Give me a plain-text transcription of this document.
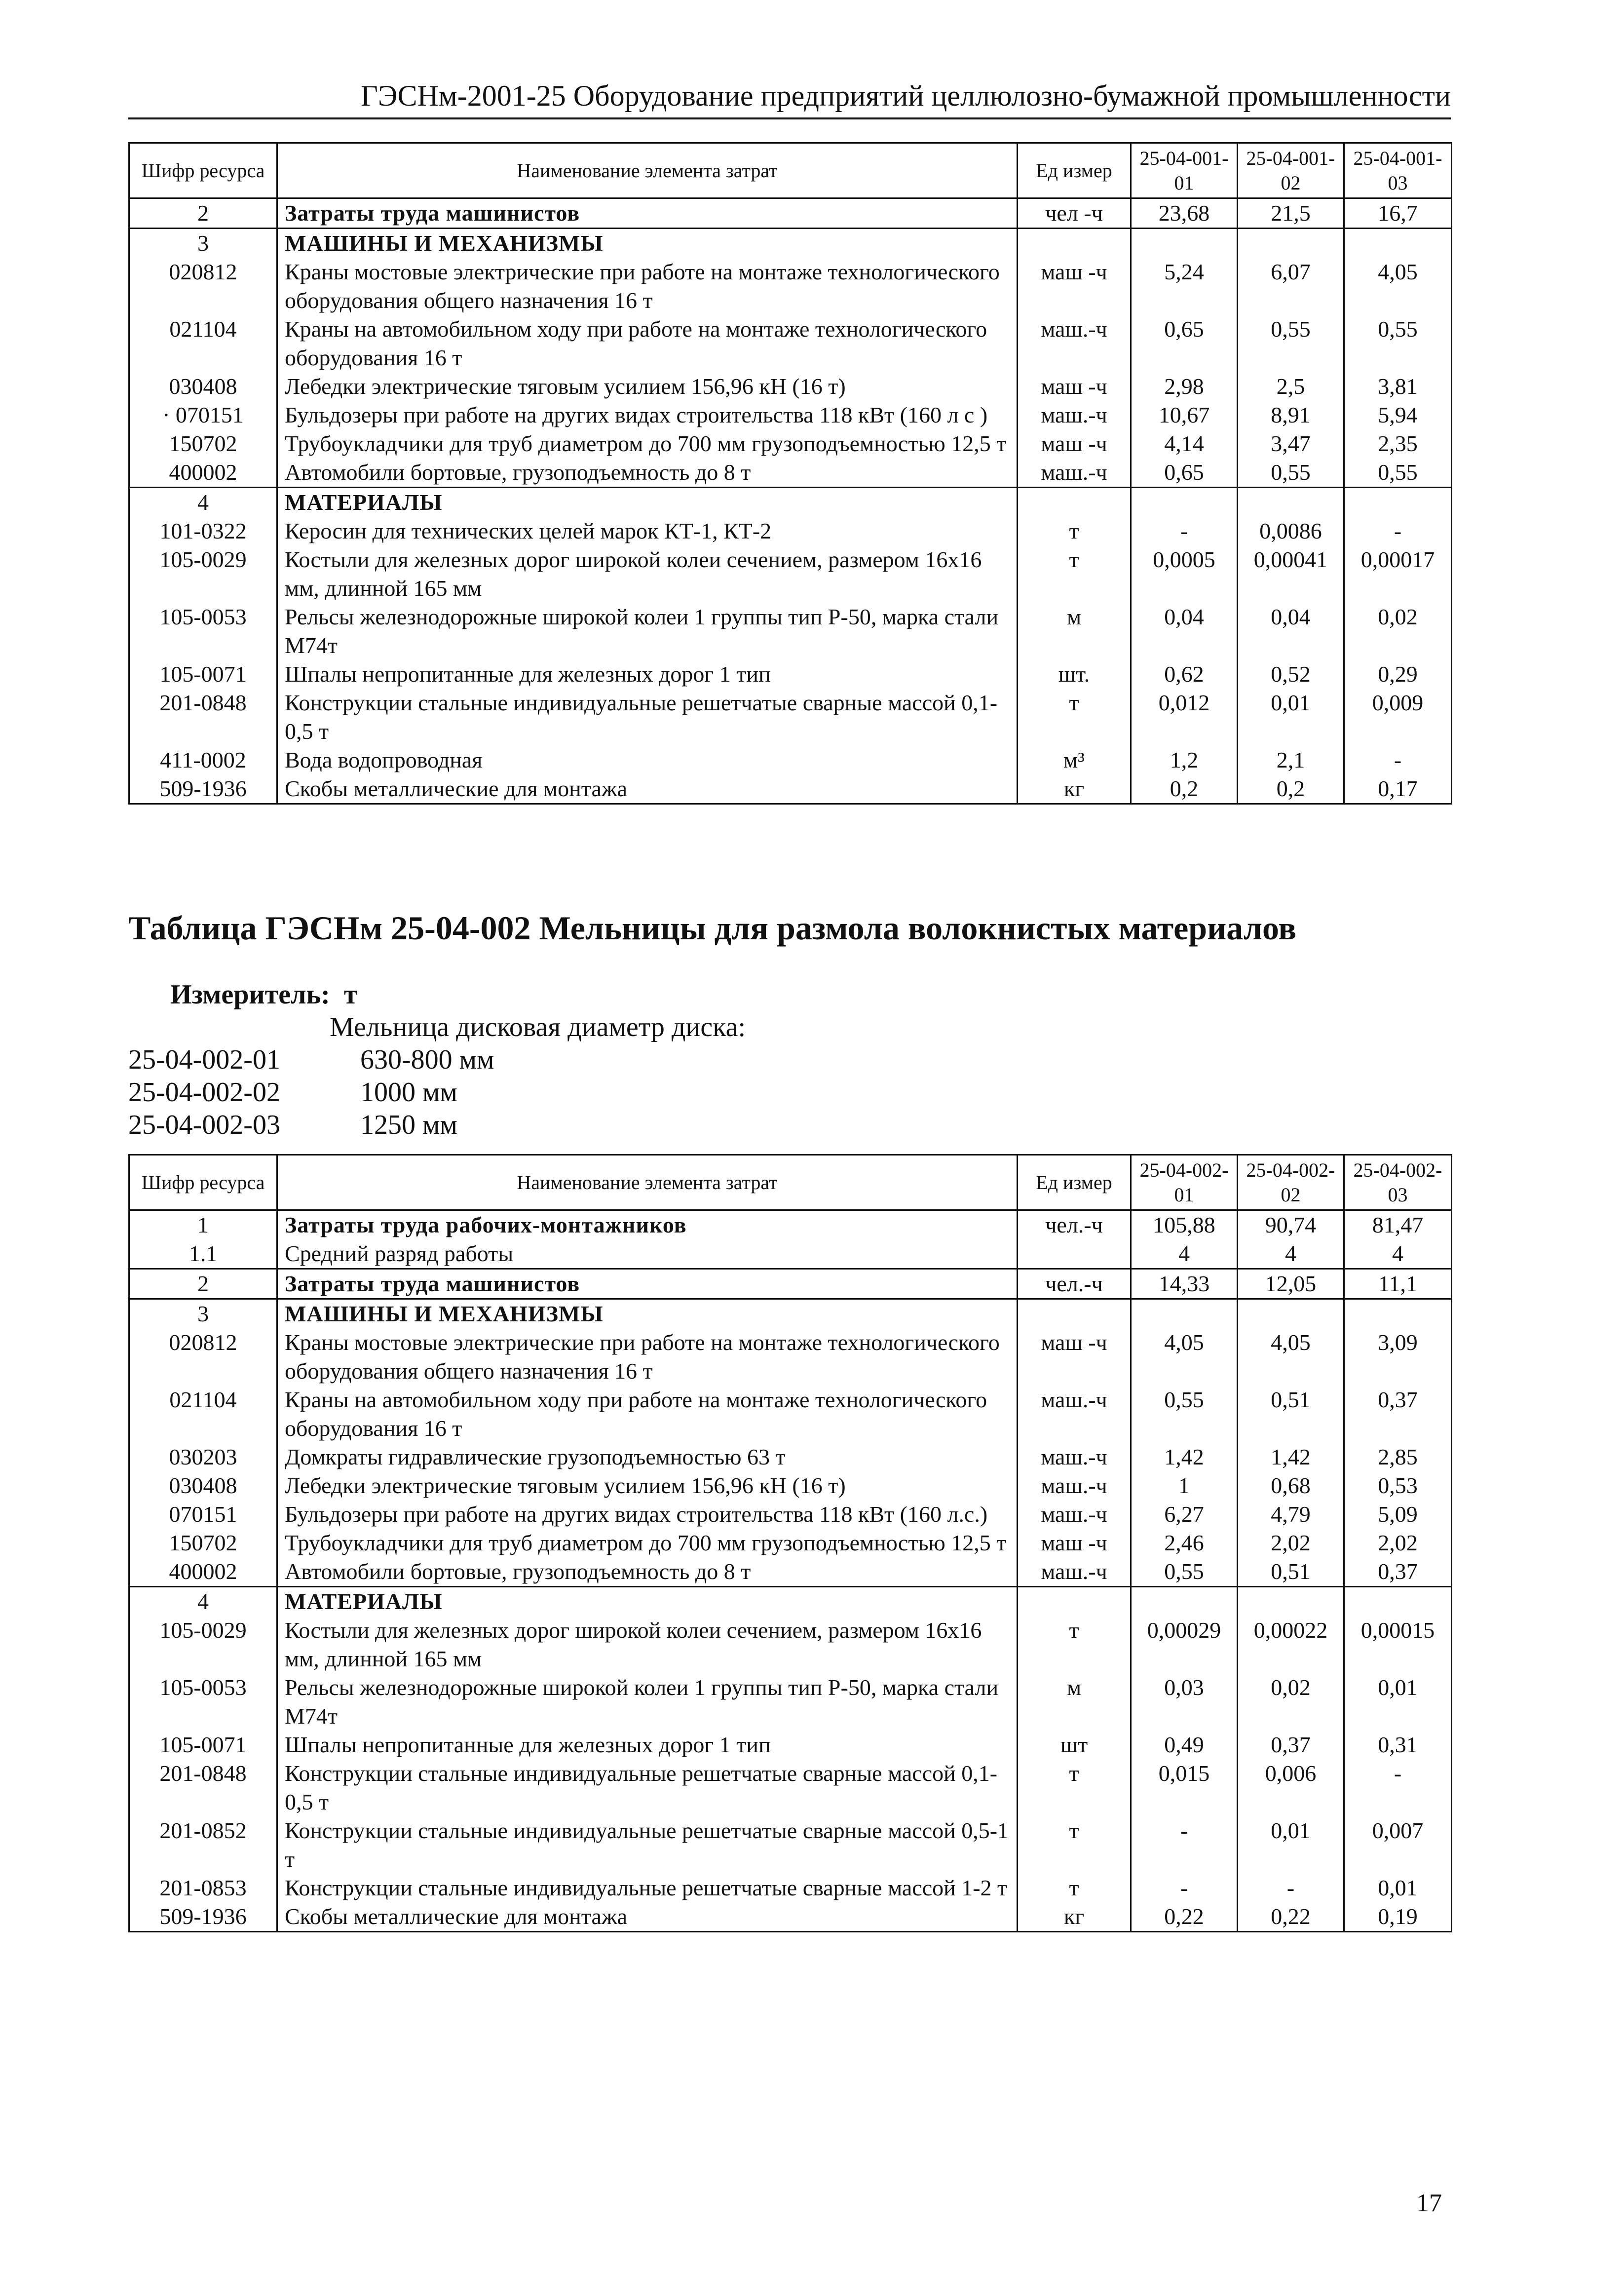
ГЭСНм-2001-25 Оборудование предприятий целлюлозно-бумажной промышленности
Шифр ресурса	Наименование элемента затрат	Ед измер	25-04-001-01	25-04-001-02	25-04-001-03
2	Затраты труда машинистов	чел -ч	23,68	21,5	16,7
3	МАШИНЫ И МЕХАНИЗМЫ				
020812	Краны мостовые электрические при работе на монтаже технологического оборудования общего назначения 16 т	маш -ч	5,24	6,07	4,05
021104	Краны на автомобильном ходу при работе на монтаже технологического оборудования 16 т	маш.-ч	0,65	0,55	0,55
030408	Лебедки электрические тяговым усилием 156,96 кН (16 т)	маш -ч	2,98	2,5	3,81
· 070151	Бульдозеры при работе на других видах строительства 118 кВт (160 л с )	маш.-ч	10,67	8,91	5,94
150702	Трубоукладчики для труб диаметром до 700 мм грузоподъемностью 12,5 т	маш -ч	4,14	3,47	2,35
400002	Автомобили бортовые, грузоподъемность до 8 т	маш.-ч	0,65	0,55	0,55
4	МАТЕРИАЛЫ				
101-0322	Керосин для технических целей марок КТ-1, КТ-2	т	-	0,0086	-
105-0029	Костыли для железных дорог широкой колеи сечением, размером 16х16 мм, длинной 165 мм	т	0,0005	0,00041	0,00017
105-0053	Рельсы железнодорожные широкой колеи 1 группы тип Р-50, марка стали М74т	м	0,04	0,04	0,02
105-0071	Шпалы непропитанные для железных дорог 1 тип	шт.	0,62	0,52	0,29
201-0848	Конструкции стальные индивидуальные решетчатые сварные массой 0,1-0,5 т	т	0,012	0,01	0,009
411-0002	Вода водопроводная	м³	1,2	2,1	-
509-1936	Скобы металлические для монтажа	кг	0,2	0,2	0,17
Таблица ГЭСНм 25-04-002 Мельницы для размола волокнистых материалов
Измеритель: т
Мельница дисковая диаметр диска:
25-04-002-01	630-800 мм
25-04-002-02	1000 мм
25-04-002-03	1250 мм
Шифр ресурса	Наименование элемента затрат	Ед измер	25-04-002-01	25-04-002-02	25-04-002-03
1	Затраты труда рабочих-монтажников	чел.-ч	105,88	90,74	81,47
1.1	Средний разряд работы		4	4	4
2	Затраты труда машинистов	чел.-ч	14,33	12,05	11,1
3	МАШИНЫ И МЕХАНИЗМЫ				
020812	Краны мостовые электрические при работе на монтаже технологического оборудования общего назначения 16 т	маш -ч	4,05	4,05	3,09
021104	Краны на автомобильном ходу при работе на монтаже технологического оборудования 16 т	маш.-ч	0,55	0,51	0,37
030203	Домкраты гидравлические грузоподъемностью 63 т	маш.-ч	1,42	1,42	2,85
030408	Лебедки электрические тяговым усилием 156,96 кН (16 т)	маш.-ч	1	0,68	0,53
070151	Бульдозеры при работе на других видах строительства 118 кВт (160 л.с.)	маш.-ч	6,27	4,79	5,09
150702	Трубоукладчики для труб диаметром до 700 мм грузоподъемностью 12,5 т	маш -ч	2,46	2,02	2,02
400002	Автомобили бортовые, грузоподъемность до 8 т	маш.-ч	0,55	0,51	0,37
4	МАТЕРИАЛЫ				
105-0029	Костыли для железных дорог широкой колеи сечением, размером 16х16 мм, длинной 165 мм	т	0,00029	0,00022	0,00015
105-0053	Рельсы железнодорожные широкой колеи 1 группы тип Р-50, марка стали М74т	м	0,03	0,02	0,01
105-0071	Шпалы непропитанные для железных дорог 1 тип	шт	0,49	0,37	0,31
201-0848	Конструкции стальные индивидуальные решетчатые сварные массой 0,1-0,5 т	т	0,015	0,006	-
201-0852	Конструкции стальные индивидуальные решетчатые сварные массой 0,5-1 т	т	-	0,01	0,007
201-0853	Конструкции стальные индивидуальные решетчатые сварные массой 1-2 т	т	-	-	0,01
509-1936	Скобы металлические для монтажа	кг	0,22	0,22	0,19
17
